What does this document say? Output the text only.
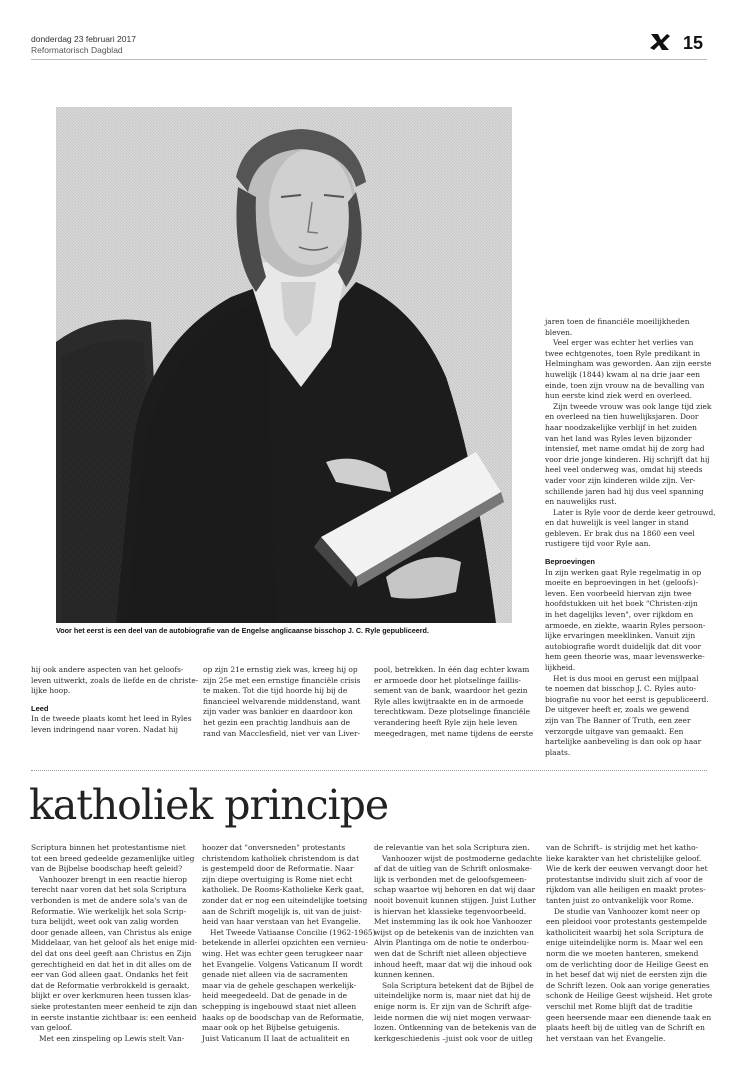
donderdag 23 februari 2017
Reformatorisch Dagblad	15
Voor het eerst is een deel van de autobiografie van de Engelse anglicaanse bisschop J. C. Ryle gepubliceerd.
jaren toen de financiële moeilijkheden
bleven.
Veel erger was echter het verlies van
twee echtgenotes, toen Ryle predikant in
Helmingham was geworden. Aan zijn eerste
huwelijk (1844) kwam al na drie jaar een
einde, toen zijn vrouw na de bevalling van
hun eerste kind ziek werd en overleed.
Zijn tweede vrouw was ook lange tijd ziek
en overleed na tien huwelijksjaren. Door
haar noodzakelijke verblijf in het zuiden
van het land was Ryles leven bijzonder
intensief, met name omdat hij de zorg had
voor drie jonge kinderen. Hij schrijft dat hij
heel veel onderweg was, omdat hij steeds
vader voor zijn kinderen wilde zijn. Ver-
schillende jaren had hij dus veel spanning
en nauwelijks rust.
Later is Ryle voor de derde keer getrouwd,
en dat huwelijk is veel langer in stand
gebleven. Er brak dus na 1860 een veel
rustigere tijd voor Ryle aan.
Beproevingen
In zijn werken gaat Ryle regelmatig in op
moeite en beproevingen in het (geloofs)-
leven. Een voorbeeld hiervan zijn twee
hoofdstukken uit het boek "Christen-zijn
in het dagelijks leven", over rijkdom en
armoede, en ziekte, waarin Ryles persoon-
lijke ervaringen meeklinken. Vanuit zijn
autobiografie wordt duidelijk dat dit voor
hem geen theorie was, maar levenswerke-
lijkheid.
Het is dus mooi en gerust een mijlpaal
te noemen dat bisschop J. C. Ryles auto-
biografie nu voor het eerst is gepubliceerd.
De uitgever heeft er, zoals we gewend
zijn van The Banner of Truth, een zeer
verzorgde uitgave van gemaakt. Een
hartelijke aanbeveling is dan ook op haar
plaats.
hij ook andere aspecten van het geloofs-
leven uitwerkt, zoals de liefde en de christe-
lijke hoop.
Leed
In de tweede plaats komt het leed in Ryles
leven indringend naar voren. Nadat hij
op zijn 21e ernstig ziek was, kreeg hij op
zijn 25e met een ernstige financiële crisis
te maken. Tot die tijd hoorde hij bij de
financieel welvarende middenstand, want
zijn vader was bankier en daardoor kon
het gezin een prachtig landhuis aan de
rand van Macclesfield, niet ver van Liver-
pool, betrekken. In één dag echter kwam
er armoede door het plotselinge faillis-
sement van de bank, waardoor het gezin
Ryle alles kwijtraakte en in de armoede
terechtkwam. Deze plotselinge financiële
verandering heeft Ryle zijn hele leven
meegedragen, met name tijdens de eerste
katholiek principe
Scriptura binnen het protestantisme niet
tot een breed gedeelde gezamenlijke uitleg
van de Bijbelse boodschap heeft geleid?
Vanhoozer brengt in een reactie hierop
terecht naar voren dat het sola Scriptura
verbonden is met de andere sola's van de
Reformatie. Wie werkelijk het sola Scrip-
tura belijdt, weet ook van zalig worden
door genade alleen, van Christus als enige
Middelaar, van het geloof als het enige mid-
del dat ons deel geeft aan Christus en Zijn
gerechtigheid en dat het in dit alles om de
eer van God alleen gaat. Ondanks het feit
dat de Reformatie verbrokkeld is geraakt,
blijkt er over kerkmuren heen tussen klas-
sieke protestanten meer eenheid te zijn dan
in eerste instantie zichtbaar is: een eenheid
van geloof.
Met een zinspeling op Lewis stelt Van-
hoozer dat "onversneden" protestants
christendom katholiek christendom is dat
is gestempeld door de Reformatie. Naar
zijn diepe overtuiging is Rome niet echt
katholiek. De Rooms-Katholieke Kerk gaat,
zonder dat er nog een uiteindelijke toetsing
aan de Schrift mogelijk is, uit van de juist-
heid van haar verstaan van het Evangelie.
Het Tweede Vatiaanse Concilie (1962-1965)
betekende in allerlei opzichten een vernieu-
wing. Het was echter geen terugkeer naar
het Evangelie. Volgens Vaticanum II wordt
genade niet alleen via de sacramenten
maar via de gehele geschapen werkelijk-
heid meegedeeld. Dat de genade in de
schepping is ingebouwd staat niet alleen
haaks op de boodschap van de Reformatie,
maar ook op het Bijbelse getuigenis.
Juist Vaticanum II laat de actualiteit en
de relevantie van het sola Scriptura zien.
Vanhoozer wijst de postmoderne gedachte
af dat de uitleg van de Schrift onlosmake-
lijk is verbonden met de geloofsgemeen-
schap waartoe wij behoren en dat wij daar
nooit bovenuit kunnen stijgen. Juist Luther
is hiervan het klassieke tegenvoorbeeld.
Met instemming las ik ook hoe Vanhoozer
wijst op de betekenis van de inzichten van
Alvin Plantinga om de notie te onderbou-
wen dat de Schrift niet alleen objectieve
inhoud heeft, maar dat wij die inhoud ook
kunnen kennen.
Sola Scriptura betekent dat de Bijbel de
uiteindelijke norm is, maar niet dat hij de
enige norm is. Er zijn van de Schrift afge-
leide normen die wij niet mogen verwaar-
lozen. Ontkenning van de betekenis van de
kerkgeschiedenis –juist ook voor de uitleg
van de Schrift– is strijdig met het katho-
lieke karakter van het christelijke geloof.
Wie de kerk der eeuwen vervangt door het
protestantse individu sluit zich af voor de
rijkdom van alle heiligen en maakt protes-
tanten juist zo ontvankelijk voor Rome.
De studie van Vanhoozer komt neer op
een pleidooi voor protestants gestempelde
katholiciteit waarbij het sola Scriptura de
enige uiteindelijke norm is. Maar wel een
norm die we moeten hanteren, smekend
om de verlichting door de Heilige Geest en
in het besef dat wij niet de eersten zijn die
de Schrift lezen. Ook aan vorige generaties
schonk de Heilige Geest wijsheid. Het grote
verschil met Rome blijft dat de traditie
geen heersende maar een dienende taak en
plaats heeft bij de uitleg van de Schrift en
het verstaan van het Evangelie.
